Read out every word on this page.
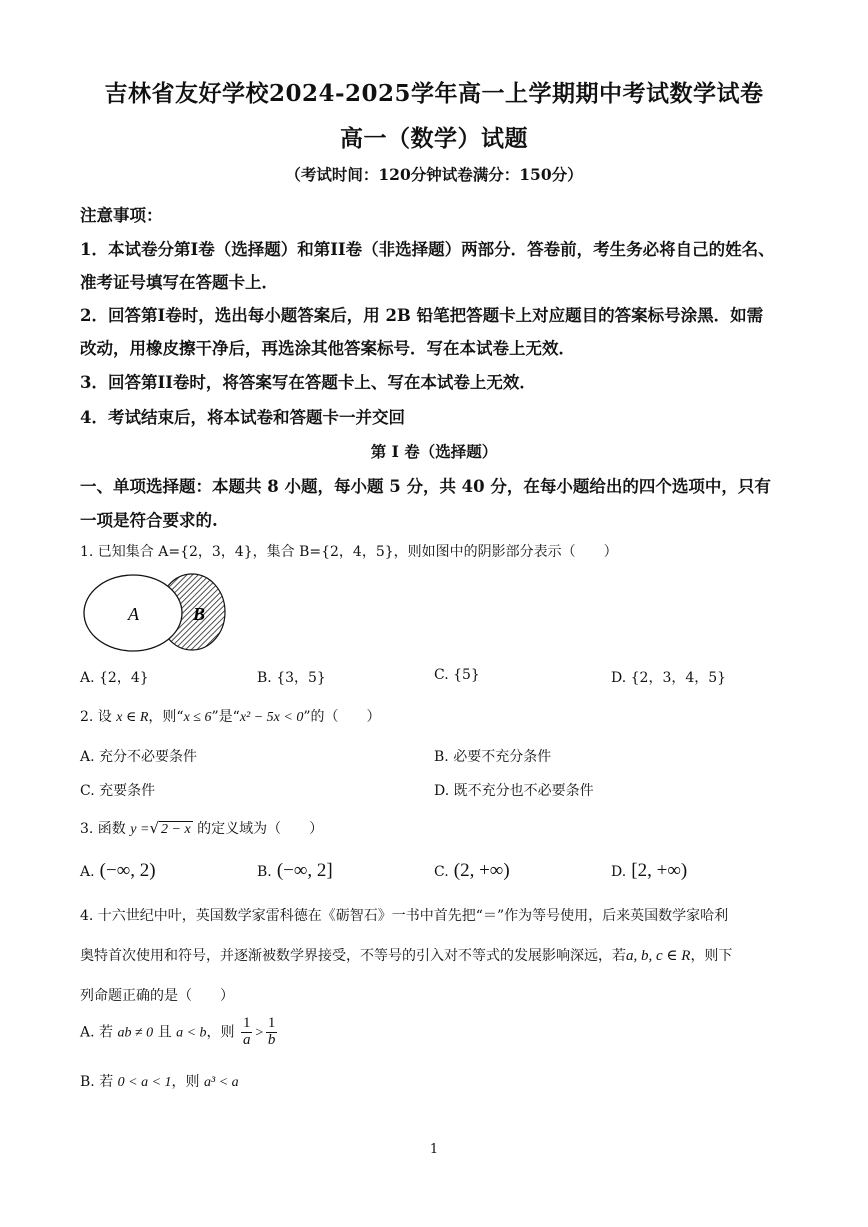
吉林省友好学校2024-2025学年高一上学期期中考试数学试卷
高一（数学）试题
（考试时间：120分钟试卷满分：150分）
注意事项：
1．本试卷分第I卷（选择题）和第II卷（非选择题）两部分．答卷前，考生务必将自己的姓名、
准考证号填写在答题卡上．
2．回答第I卷时，选出每小题答案后，用 2B 铅笔把答题卡上对应题目的答案标号涂黑．如需
改动，用橡皮擦干净后，再选涂其他答案标号．写在本试卷上无效．
3．回答第II卷时，将答案写在答题卡上、写在本试卷上无效．
4．考试结束后，将本试卷和答题卡一并交回
第 I 卷（选择题）
一、单项选择题：本题共 8 小题，每小题 5 分，共 40 分，在每小题给出的四个选项中，只有
一项是符合要求的.
1. 已知集合 A={2，3，4}，集合 B={2，4，5}，则如图中的阴影部分表示（　　）
A	B
A. {2，4}	B. {3，5}	C. {5}	D. {2，3，4，5}
2. 设 x ∈ R，则“x ≤ 6”是“x² − 5x < 0”的（　　）
A. 充分不必要条件	B. 必要不充分条件
C. 充要条件	D. 既不充分也不必要条件
3. 函数 y =√ 2 − x 的定义域为（　　）
A. (−∞, 2)	B. (−∞, 2]	C. (2, +∞)	D. [2, +∞)
4. 十六世纪中叶，英国数学家雷科德在《砺智石》一书中首先把“＝”作为等号使用，后来英国数学家哈利
奥特首次使用和符号，并逐渐被数学界接受，不等号的引入对不等式的发展影响深远，若a, b, c ∈ R，则下
列命题正确的是（　　）
A. 若 ab ≠ 0 且 a < b，则 $\frac{1}{a} > \frac{1}{b}$
B. 若 0 < a < 1，则 a³ < a
1
